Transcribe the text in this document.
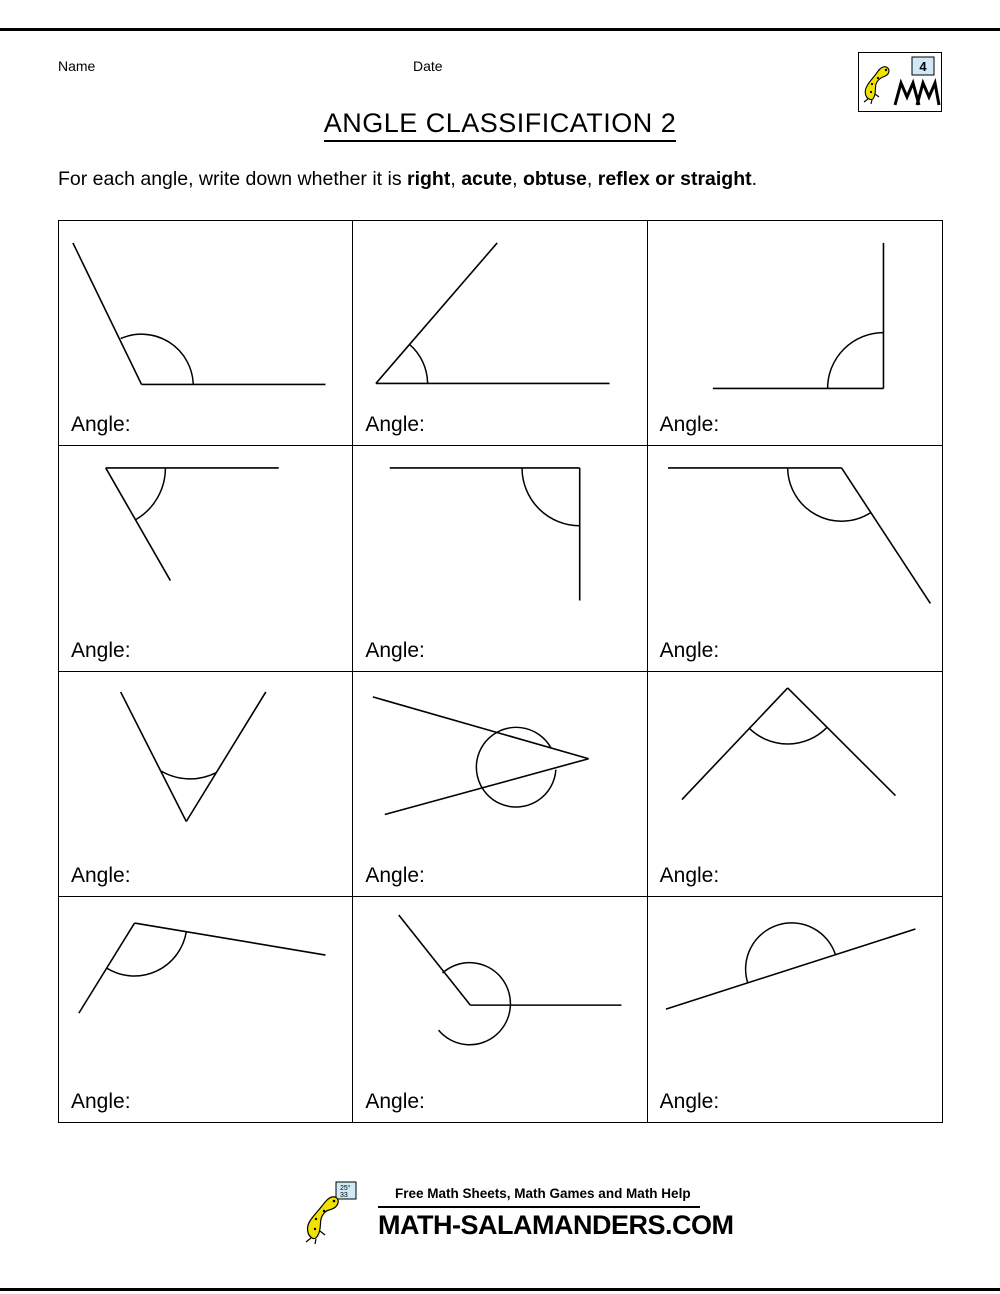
Name	Date	4
ANGLE CLASSIFICATION 2
For each angle, write down whether it is right, acute, obtuse, reflex or straight.
Angle:	Angle:	Angle:
Angle:	Angle:	Angle:
Angle:	Angle:	Angle:
Angle:	Angle:	Angle:
25°
33	Free Math Sheets, Math Games and Math Help
MATH-SALAMANDERS.COM
